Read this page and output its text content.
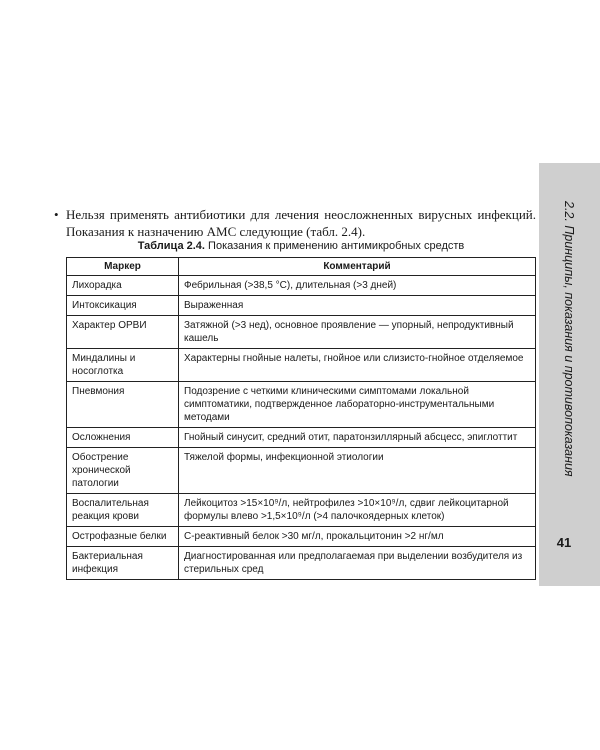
• Нельзя применять антибиотики для лечения неосложненных вирусных инфекций. Показания к назначению АМС следующие (табл. 2.4).
Таблица 2.4. Показания к применению антимикробных средств
Маркер	Комментарий
Лихорадка	Фебрильная (>38,5 °С), длительная (>3 дней)
Интоксикация	Выраженная
Характер ОРВИ	Затяжной (>3 нед), основное проявление — упорный, непродуктивный кашель
Миндалины и носоглотка	Характерны гнойные налеты, гнойное или слизисто-гнойное отделяемое
Пневмония	Подозрение с четкими клиническими симптомами локальной симптоматики, подтвержденное лабораторно-инструментальными методами
Осложнения	Гнойный синусит, средний отит, паратонзиллярный абсцесс, эпиглоттит
Обострение хронической патологии	Тяжелой формы, инфекционной этиологии
Воспалительная реакция крови	Лейкоцитоз >15×10⁹/л, нейтрофилез >10×10⁹/л, сдвиг лейкоцитарной формулы влево >1,5×10⁹/л (>4 палочкоядерных клеток)
Острофазные белки	С-реактивный белок >30 мг/л, прокальцитонин >2 нг/мл
Бактериальная инфекция	Диагностированная или предполагаемая при выделении возбудителя из стерильных сред
2.2. Принципы, показания и противопоказания
41
